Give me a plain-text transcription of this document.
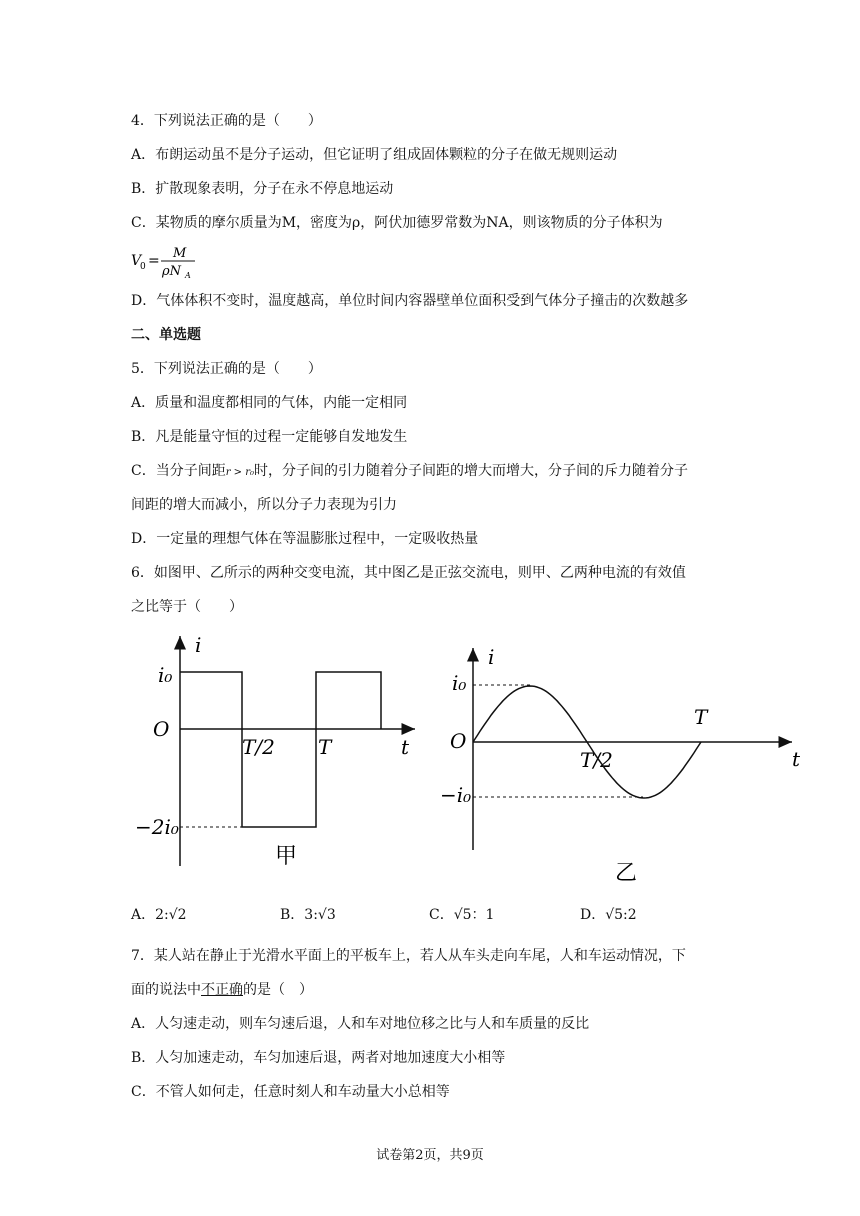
4．下列说法正确的是（　　）
A．布朗运动虽不是分子运动，但它证明了组成固体颗粒的分子在做无规则运动
B．扩散现象表明，分子在永不停息地运动
C．某物质的摩尔质量为M，密度为ρ，阿伏加德罗常数为NA，则该物质的分子体积为
V
0 = M
ρN A
D．气体体积不变时，温度越高，单位时间内容器壁单位面积受到气体分子撞击的次数越多
二、单选题
5．下列说法正确的是（　　）
A．质量和温度都相同的气体，内能一定相同
B．凡是能量守恒的过程一定能够自发地发生
C．当分子间距r > r₀时，分子间的引力随着分子间距的增大而增大，分子间的斥力随着分子
间距的增大而减小，所以分子力表现为引力
D．一定量的理想气体在等温膨胀过程中，一定吸收热量
6．如图甲、乙所示的两种交变电流，其中图乙是正弦交流电，则甲、乙两种电流的有效值
之比等于（　　）
i
t
O
i₀
−2i₀
T/2 T
甲
i
t
O
i₀
−i₀
T/2
T
乙
A．2:√2	B．3:√3	C．√5：1	D．√5:2
7．某人站在静止于光滑水平面上的平板车上，若人从车头走向车尾，人和车运动情况，下
面的说法中不正确的是（　）
A．人匀速走动，则车匀速后退，人和车对地位移之比与人和车质量的反比
B．人匀加速走动，车匀加速后退，两者对地加速度大小相等
C．不管人如何走，任意时刻人和车动量大小总相等
试卷第2页，共9页
